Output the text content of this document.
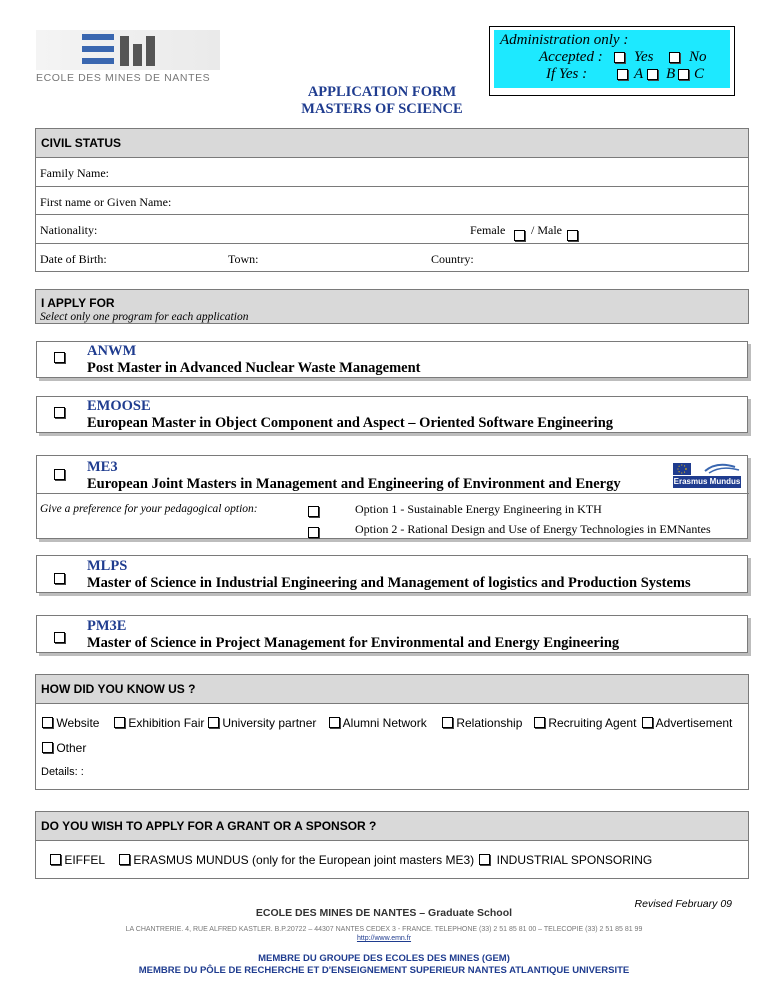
ECOLE DES MINES DE NANTES
Administration only :
Accepted : Yes No
If Yes :	A B C
APPLICATION FORM
MASTERS OF SCIENCE
CIVIL STATUS
Family Name:
First name or Given Name:
Nationality:	Female / Male
Date of Birth:	Town:	Country:
I APPLY FOR
Select only one program for each application
ANWM
Post Master in Advanced Nuclear Waste Management
EMOOSE
European Master in Object Component and Aspect – Oriented Software Engineering
ME3
European Joint Masters in Management and Engineering of Environment and Energy
Give a preference for your pedagogical option:	Option 1 - Sustainable Energy Engineering in KTH
Option 2 - Rational Design and Use of Energy Technologies in EMNantes
Erasmus Mundus
MLPS
Master of Science in Industrial Engineering and Management of logistics and Production Systems
PM3E
Master of Science in Project Management for Environmental and Energy Engineering
HOW DID YOU KNOW US ?
Website	Exhibition Fair	University partner	Alumni Network	Relationship	Recruiting Agent	Advertisement
Other
Details: :
DO YOU WISH TO APPLY FOR A GRANT OR A SPONSOR ?
EIFFEL	ERASMUS MUNDUS (only for the European joint masters ME3)	INDUSTRIAL SPONSORING
Revised February 09
ECOLE DES MINES DE NANTES – Graduate School
LA CHANTRERIE. 4, RUE ALFRED KASTLER. B.P.20722 – 44307 NANTES CEDEX 3 - FRANCE. TELEPHONE (33) 2 51 85 81 00 – TELECOPIE (33) 2 51 85 81 99
http://www.emn.fr
MEMBRE DU GROUPE DES ECOLES DES MINES (GEM)
MEMBRE DU PÔLE DE RECHERCHE ET D'ENSEIGNEMENT SUPERIEUR NANTES ATLANTIQUE UNIVERSITE
